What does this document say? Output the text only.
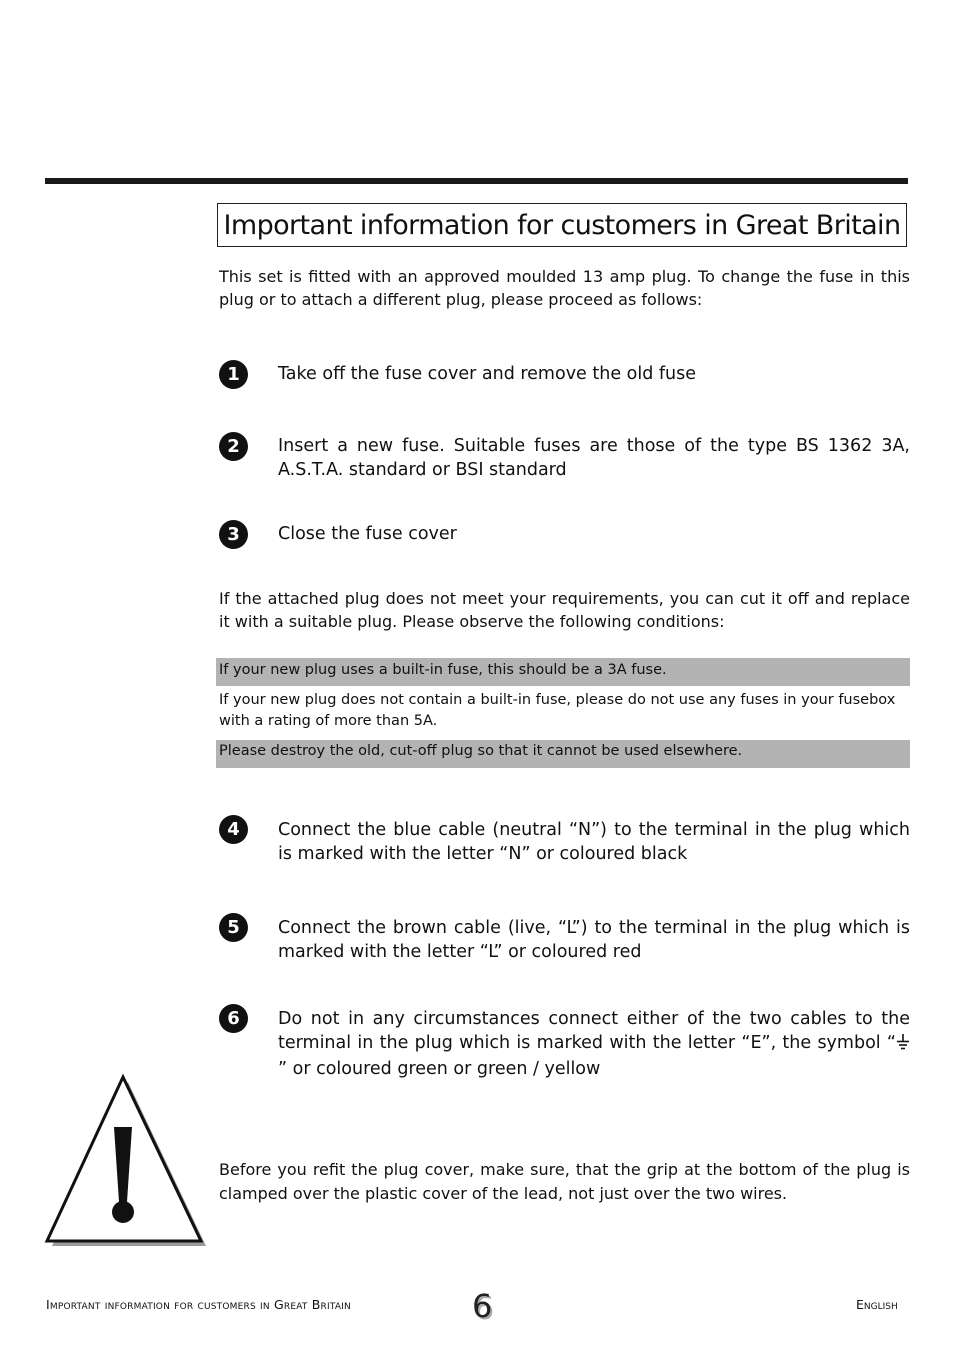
Important information for customers in Great Britain
This set is fitted with an approved moulded 13 amp plug. To change the fuse in this plug or to attach a different plug, please proceed as follows:
1	Take off the fuse cover and remove the old fuse
2	Insert a new fuse. Suitable fuses are those of the type BS 1362 3A, A.S.T.A. standard or BSI standard
3	Close the fuse cover
If the attached plug does not meet your requirements, you can cut it off and replace it with a suitable plug. Please observe the following conditions:
If your new plug uses a built-in fuse, this should be a 3A fuse.
If your new plug does not contain a built-in fuse, please do not use any fuses in your fusebox with a rating of more than 5A.
Please destroy the old, cut-off plug so that it cannot be used elsewhere.
4	Connect the blue cable (neutral “N”) to the terminal in the plug which is marked with the letter “N” or coloured black
5	Connect the brown cable (live, “L”) to the terminal in the plug which is marked with the letter “L” or coloured red
6	Do not in any circumstances connect either of the two cables to the terminal in the plug which is marked with the letter “E”, the symbol “ ” or coloured green or green / yellow
Before you refit the plug cover, make sure, that the grip at the bottom of the plug is clamped over the plastic cover of the lead, not just over the two wires.
Important information for customers in Great Britain	6	English
